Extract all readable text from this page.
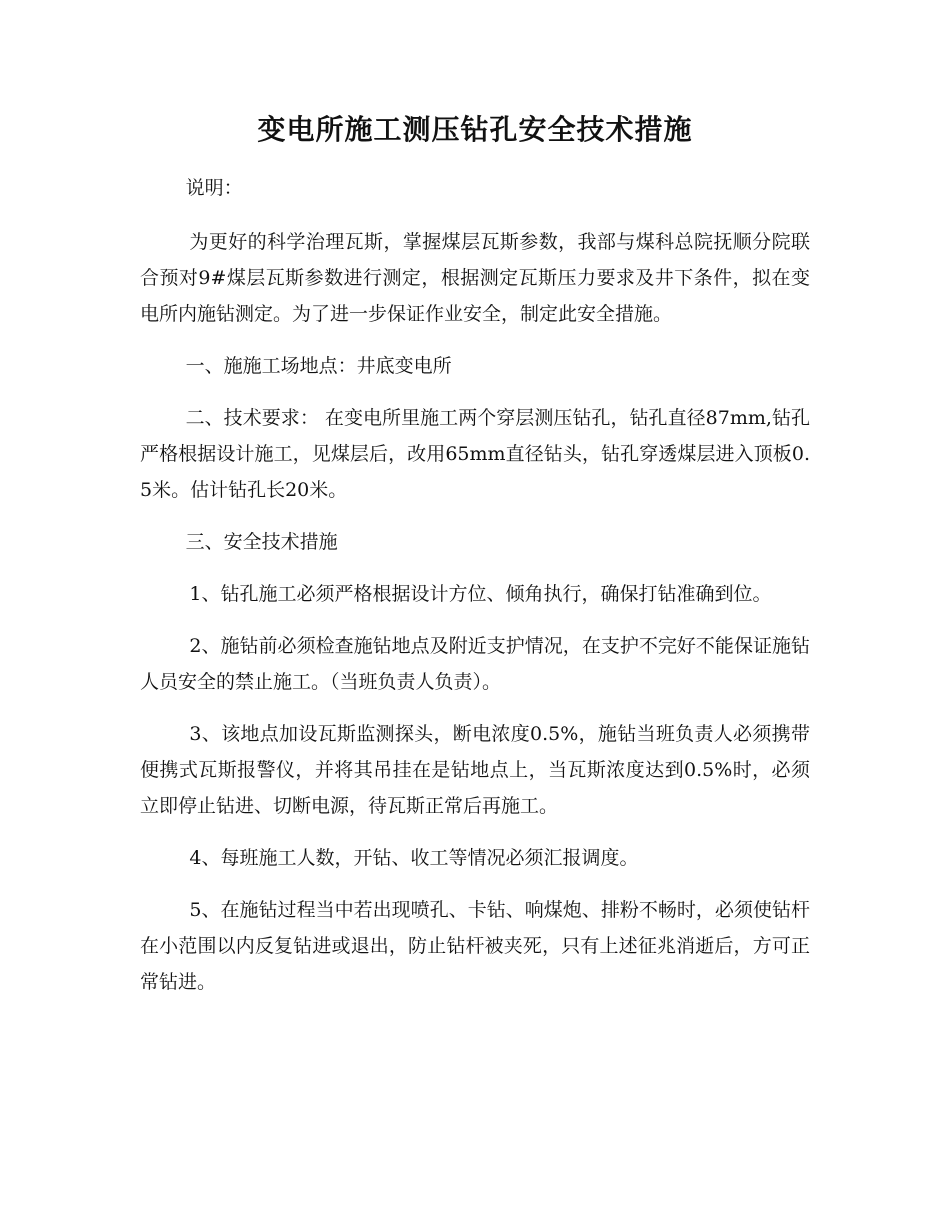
变电所施工测压钻孔安全技术措施
说明：
为更好的科学治理瓦斯，掌握煤层瓦斯参数，我部与煤科总院抚顺分院联合预对9#煤层瓦斯参数进行测定，根据测定瓦斯压力要求及井下条件，拟在变电所内施钻测定。为了进一步保证作业安全，制定此安全措施。
一、施施工场地点：井底变电所
二、技术要求： 在变电所里施工两个穿层测压钻孔，钻孔直径87mm,钻孔严格根据设计施工，见煤层后，改用65mm直径钻头，钻孔穿透煤层进入顶板0.5米。估计钻孔长20米。
三、安全技术措施
1、钻孔施工必须严格根据设计方位、倾角执行，确保打钻准确到位。
2、施钻前必须检查施钻地点及附近支护情况，在支护不完好不能保证施钻人员安全的禁止施工。（当班负责人负责）。
3、该地点加设瓦斯监测探头，断电浓度0.5%，施钻当班负责人必须携带便携式瓦斯报警仪，并将其吊挂在是钻地点上，当瓦斯浓度达到0.5%时，必须立即停止钻进、切断电源，待瓦斯正常后再施工。
4、每班施工人数，开钻、收工等情况必须汇报调度。
5、在施钻过程当中若出现喷孔、卡钻、响煤炮、排粉不畅时，必须使钻杆在小范围以内反复钻进或退出，防止钻杆被夹死，只有上述征兆消逝后，方可正常钻进。
